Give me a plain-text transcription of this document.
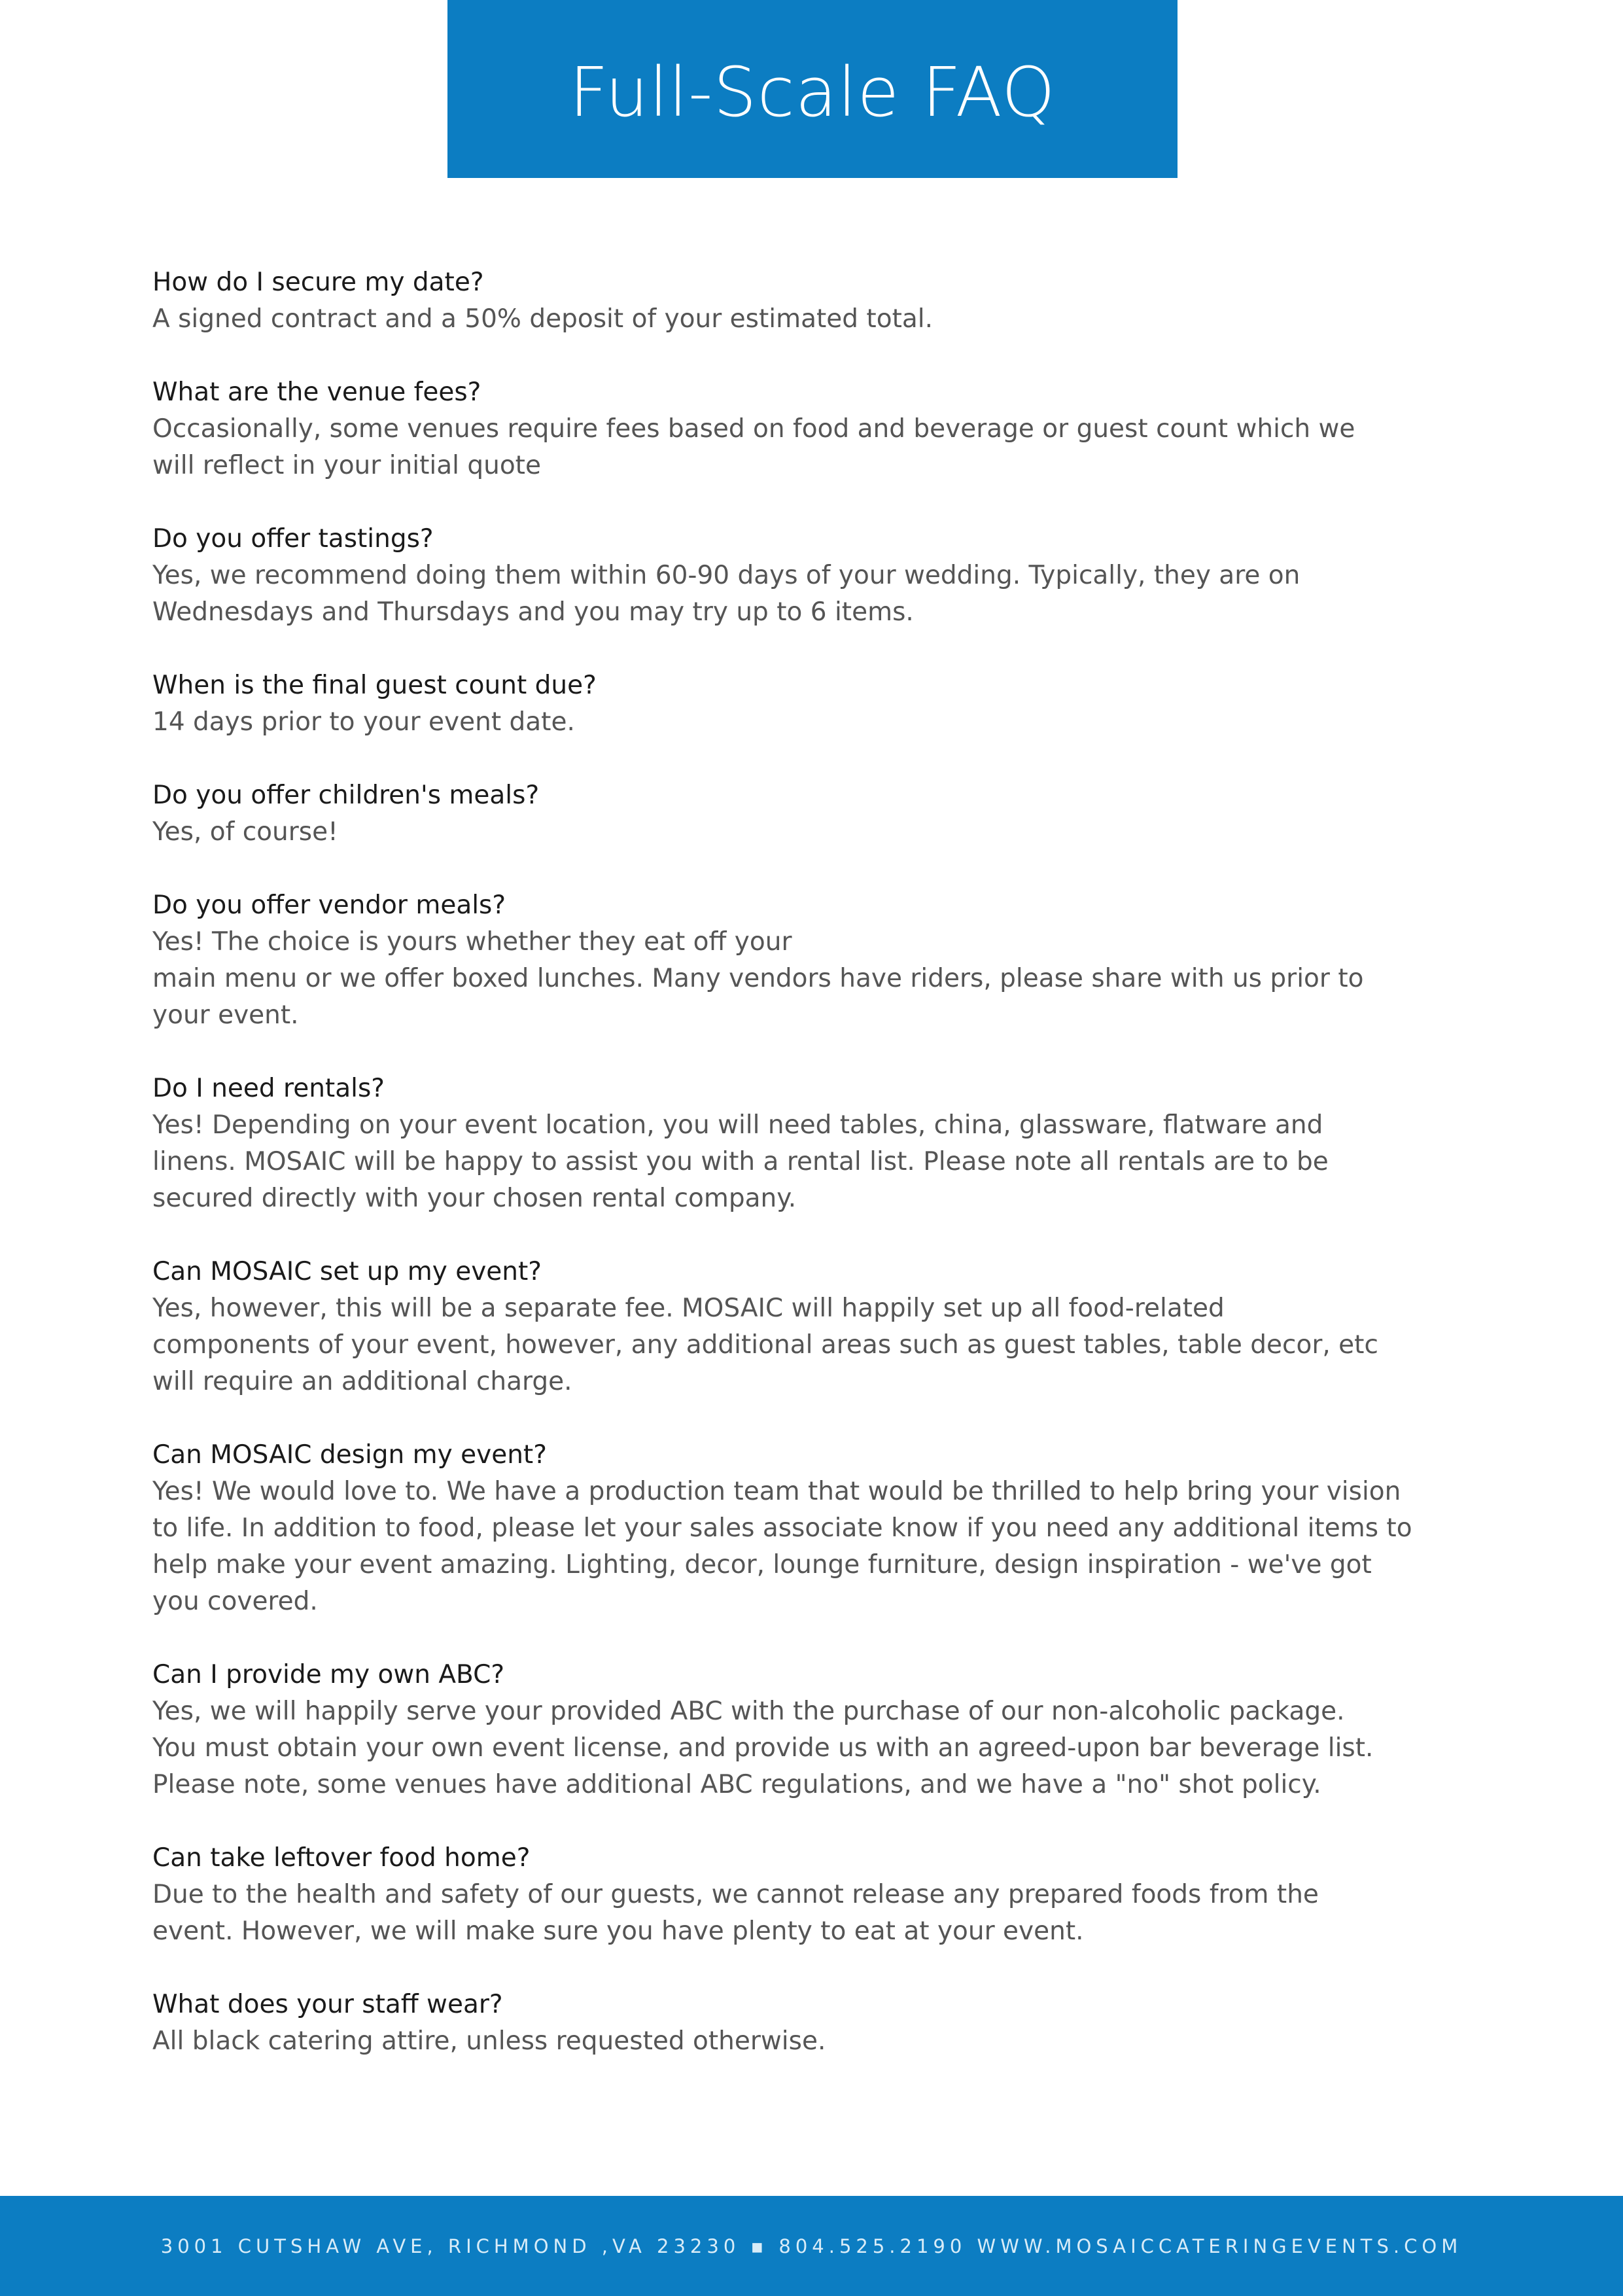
Full-Scale FAQ

How do I secure my date?

A signed contract and a 50% deposit of your estimated total.

What are the venue fees?

Occasionally, some venues require fees based on food and beverage or guest count which we
will reflect in your initial quote

Do you offer tastings?

Yes, we recommend doing them within 60-90 days of your wedding. Typically, they are on
Wednesdays and Thursdays and you may try up to 6 items.

When is the final guest count due?

14 days prior to your event date.

Do you offer children's meals?

Yes, of course!

Do you offer vendor meals?

Yes! The choice is yours whether they eat off your
main menu or we offer boxed lunches. Many vendors have riders, please share with us prior to
your event.

Do I need rentals?

Yes! Depending on your event location, you will need tables, china, glassware, flatware and
linens. MOSAIC will be happy to assist you with a rental list. Please note all rentals are to be
secured directly with your chosen rental company.

Can MOSAIC set up my event?

Yes, however, this will be a separate fee. MOSAIC will happily set up all food-related
components of your event, however, any additional areas such as guest tables, table decor, etc
will require an additional charge.

Can MOSAIC design my event?

Yes! We would love to. We have a production team that would be thrilled to help bring your vision
to life. In addition to food, please let your sales associate know if you need any additional items to
help make your event amazing. Lighting, decor, lounge furniture, design inspiration - we've got
you covered.

Can I provide my own ABC?

Yes, we will happily serve your provided ABC with the purchase of our non-alcoholic package.
You must obtain your own event license, and provide us with an agreed-upon bar beverage list.
Please note, some venues have additional ABC regulations, and we have a "no" shot policy.

Can take leftover food home?

Due to the health and safety of our guests, we cannot release any prepared foods from the
event. However, we will make sure you have plenty to eat at your event.

What does your staff wear?

All black catering attire, unless requested otherwise.
3001 CUTSHAW AVE, RICHMOND ,VA 23230 ▪ 804.525.2190 WWW.MOSAICCATERINGEVENTS.COM
